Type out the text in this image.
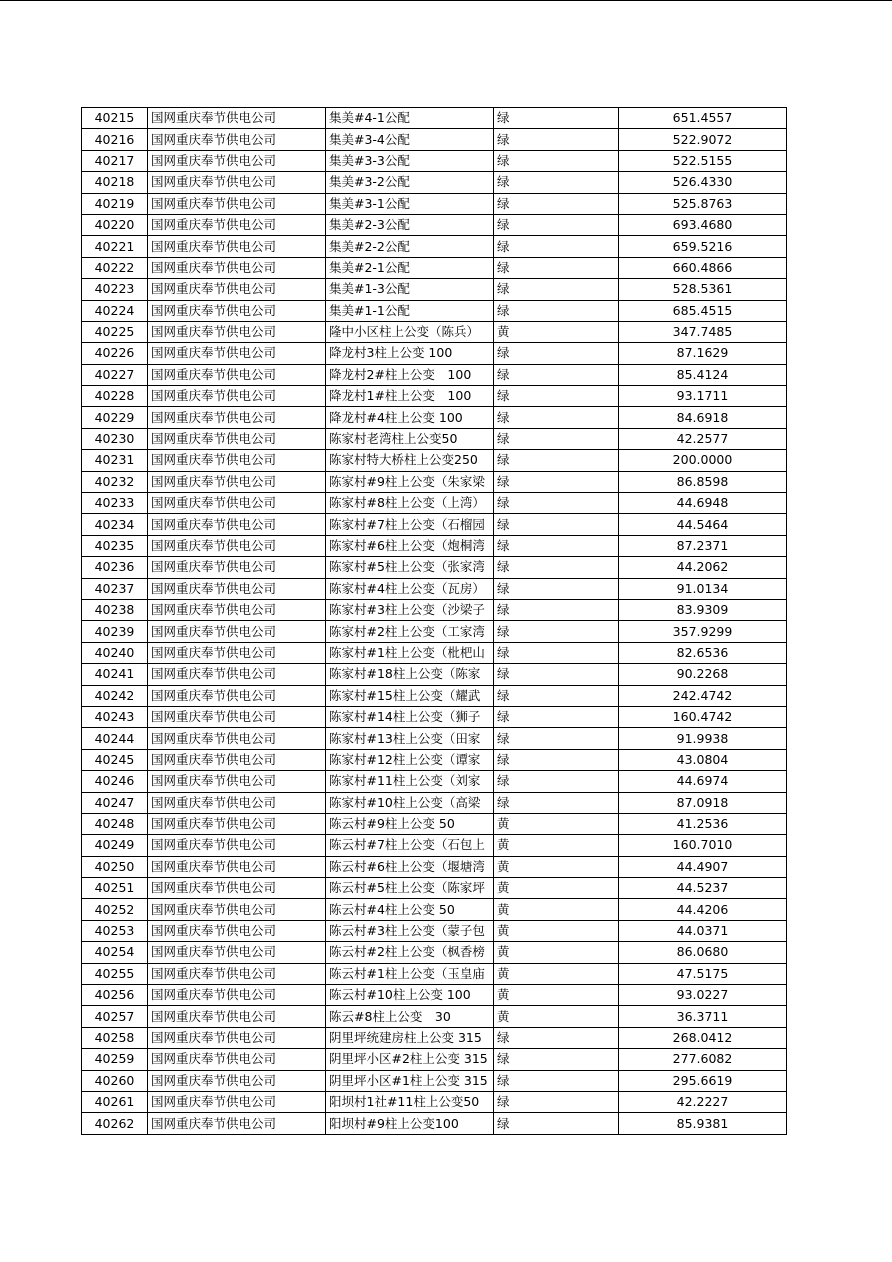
40215	国网重庆奉节供电公司	集美#4-1公配	绿	651.4557
40216	国网重庆奉节供电公司	集美#3-4公配	绿	522.9072
40217	国网重庆奉节供电公司	集美#3-3公配	绿	522.5155
40218	国网重庆奉节供电公司	集美#3-2公配	绿	526.4330
40219	国网重庆奉节供电公司	集美#3-1公配	绿	525.8763
40220	国网重庆奉节供电公司	集美#2-3公配	绿	693.4680
40221	国网重庆奉节供电公司	集美#2-2公配	绿	659.5216
40222	国网重庆奉节供电公司	集美#2-1公配	绿	660.4866
40223	国网重庆奉节供电公司	集美#1-3公配	绿	528.5361
40224	国网重庆奉节供电公司	集美#1-1公配	绿	685.4515
40225	国网重庆奉节供电公司	隆中小区柱上公变（陈兵）	黄	347.7485
40226	国网重庆奉节供电公司	降龙村3柱上公变 100	绿	87.1629
40227	国网重庆奉节供电公司	降龙村2#柱上公变　100	绿	85.4124
40228	国网重庆奉节供电公司	降龙村1#柱上公变　100	绿	93.1711
40229	国网重庆奉节供电公司	降龙村#4柱上公变 100	绿	84.6918
40230	国网重庆奉节供电公司	陈家村老湾柱上公变50	绿	42.2577
40231	国网重庆奉节供电公司	陈家村特大桥柱上公变250	绿	200.0000
40232	国网重庆奉节供电公司	陈家村#9柱上公变（朱家梁	绿	86.8598
40233	国网重庆奉节供电公司	陈家村#8柱上公变（上湾）	绿	44.6948
40234	国网重庆奉节供电公司	陈家村#7柱上公变（石榴园	绿	44.5464
40235	国网重庆奉节供电公司	陈家村#6柱上公变（炮桐湾	绿	87.2371
40236	国网重庆奉节供电公司	陈家村#5柱上公变（张家湾	绿	44.2062
40237	国网重庆奉节供电公司	陈家村#4柱上公变（瓦房）	绿	91.0134
40238	国网重庆奉节供电公司	陈家村#3柱上公变（沙梁子	绿	83.9309
40239	国网重庆奉节供电公司	陈家村#2柱上公变（工家湾	绿	357.9299
40240	国网重庆奉节供电公司	陈家村#1柱上公变（枇杷山	绿	82.6536
40241	国网重庆奉节供电公司	陈家村#18柱上公变（陈家	绿	90.2268
40242	国网重庆奉节供电公司	陈家村#15柱上公变（耀武	绿	242.4742
40243	国网重庆奉节供电公司	陈家村#14柱上公变（狮子	绿	160.4742
40244	国网重庆奉节供电公司	陈家村#13柱上公变（田家	绿	91.9938
40245	国网重庆奉节供电公司	陈家村#12柱上公变（谭家	绿	43.0804
40246	国网重庆奉节供电公司	陈家村#11柱上公变（刘家	绿	44.6974
40247	国网重庆奉节供电公司	陈家村#10柱上公变（高梁	绿	87.0918
40248	国网重庆奉节供电公司	陈云村#9柱上公变 50	黄	41.2536
40249	国网重庆奉节供电公司	陈云村#7柱上公变（石包上	黄	160.7010
40250	国网重庆奉节供电公司	陈云村#6柱上公变（堰塘湾	黄	44.4907
40251	国网重庆奉节供电公司	陈云村#5柱上公变（陈家坪	黄	44.5237
40252	国网重庆奉节供电公司	陈云村#4柱上公变 50	黄	44.4206
40253	国网重庆奉节供电公司	陈云村#3柱上公变（蒙子包	黄	44.0371
40254	国网重庆奉节供电公司	陈云村#2柱上公变（枫香榜	黄	86.0680
40255	国网重庆奉节供电公司	陈云村#1柱上公变（玉皇庙	黄	47.5175
40256	国网重庆奉节供电公司	陈云村#10柱上公变 100	黄	93.0227
40257	国网重庆奉节供电公司	陈云#8柱上公变　30	黄	36.3711
40258	国网重庆奉节供电公司	阴里坪统建房柱上公变 315	绿	268.0412
40259	国网重庆奉节供电公司	阴里坪小区#2柱上公变 315	绿	277.6082
40260	国网重庆奉节供电公司	阴里坪小区#1柱上公变 315	绿	295.6619
40261	国网重庆奉节供电公司	阳坝村1社#11柱上公变50	绿	42.2227
40262	国网重庆奉节供电公司	阳坝村#9柱上公变100	绿	85.9381
